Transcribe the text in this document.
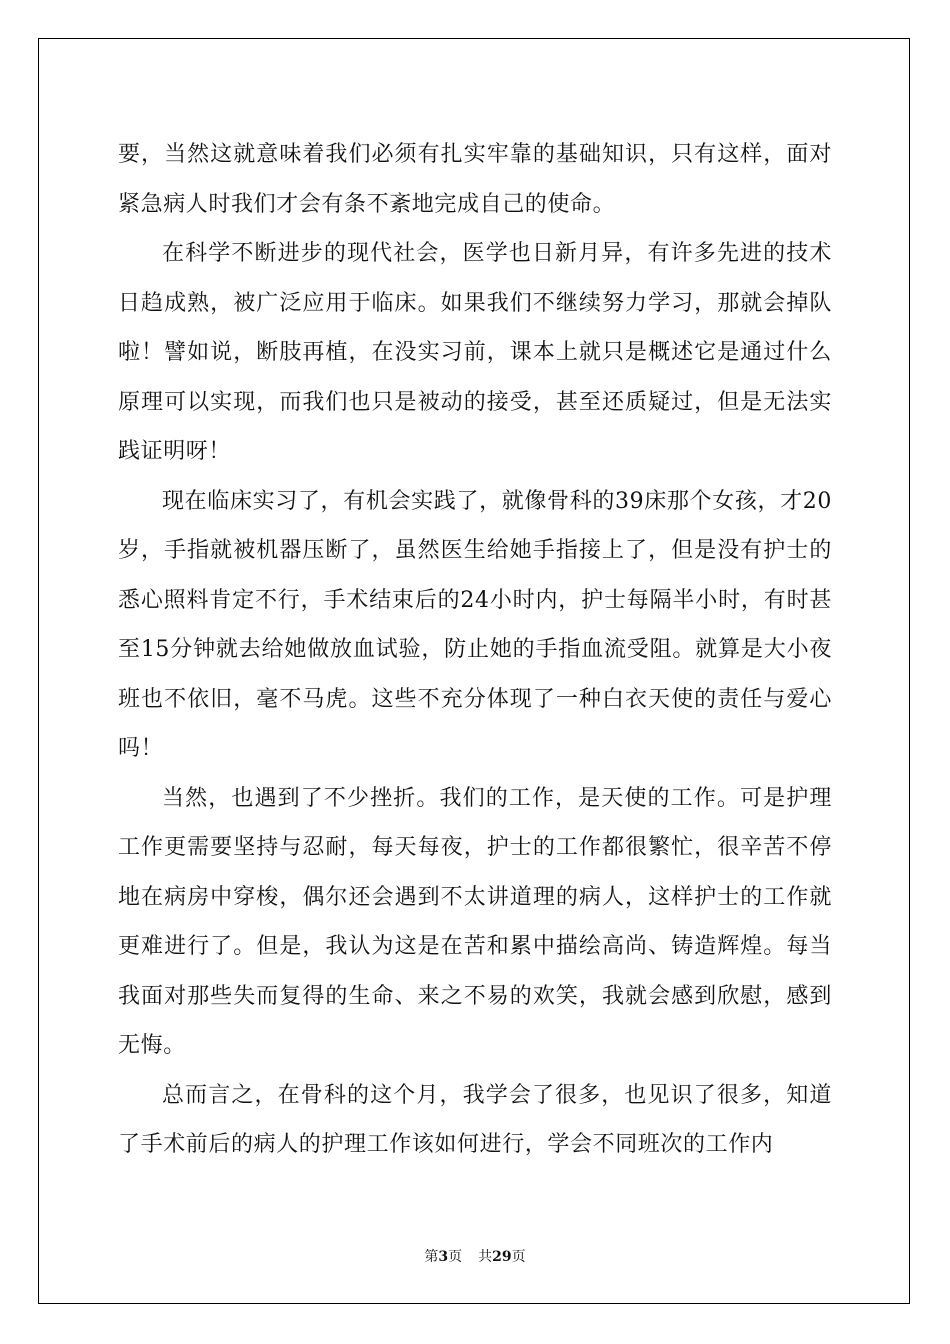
要，当然这就意味着我们必须有扎实牢靠的基础知识，只有这样，面对紧急病人时我们才会有条不紊地完成自己的使命。

在科学不断进步的现代社会，医学也日新月异，有许多先进的技术日趋成熟，被广泛应用于临床。如果我们不继续努力学习，那就会掉队啦！譬如说，断肢再植，在没实习前，课本上就只是概述它是通过什么原理可以实现，而我们也只是被动的接受，甚至还质疑过，但是无法实践证明呀！

现在临床实习了，有机会实践了，就像骨科的39床那个女孩，才20岁，手指就被机器压断了，虽然医生给她手指接上了，但是没有护士的悉心照料肯定不行，手术结束后的24小时内，护士每隔半小时，有时甚至15分钟就去给她做放血试验，防止她的手指血流受阻。就算是大小夜班也不依旧，毫不马虎。这些不充分体现了一种白衣天使的责任与爱心吗！

当然，也遇到了不少挫折。我们的工作，是天使的工作。可是护理工作更需要坚持与忍耐，每天每夜，护士的工作都很繁忙，很辛苦不停地在病房中穿梭，偶尔还会遇到不太讲道理的病人，这样护士的工作就更难进行了。但是，我认为这是在苦和累中描绘高尚、铸造辉煌。每当我面对那些失而复得的生命、来之不易的欢笑，我就会感到欣慰，感到无悔。

总而言之，在骨科的这个月，我学会了很多，也见识了很多，知道了手术前后的病人的护理工作该如何进行，学会不同班次的工作内

第3页 共29页
